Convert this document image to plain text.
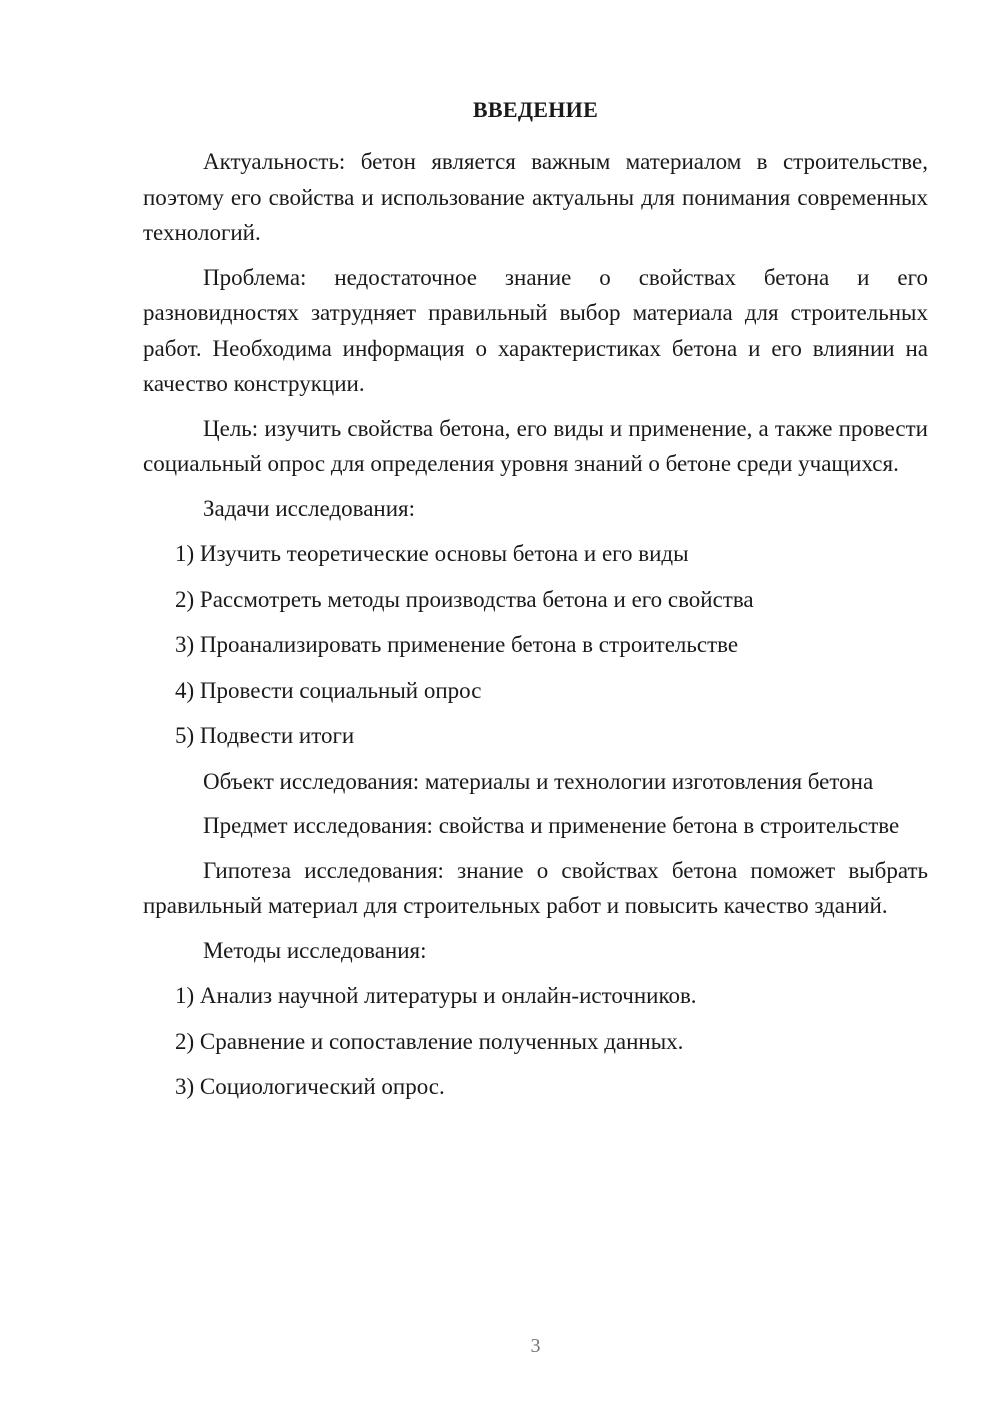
ВВЕДЕНИЕ

Актуальность: бетон является важным материалом в строительстве, поэтому его свойства и использование актуальны для понимания современных технологий.

Проблема: недостаточное знание о свойствах бетона и его разновидностях затрудняет правильный выбор материала для строительных работ. Необходима информация о характеристиках бетона и его влиянии на качество конструкции.

Цель: изучить свойства бетона, его виды и применение, а также провести социальный опрос для определения уровня знаний о бетоне среди учащихся.

Задачи исследования:

1) Изучить теоретические основы бетона и его виды
2) Рассмотреть методы производства бетона и его свойства
3) Проанализировать применение бетона в строительстве
4) Провести социальный опрос
5) Подвести итоги

Объект исследования: материалы и технологии изготовления бетона

Предмет исследования: свойства и применение бетона в строительстве

Гипотеза исследования: знание о свойствах бетона поможет выбрать правильный материал для строительных работ и повысить качество зданий.

Методы исследования:

1) Анализ научной литературы и онлайн-источников.
2) Сравнение и сопоставление полученных данных.
3) Социологический опрос.
3
